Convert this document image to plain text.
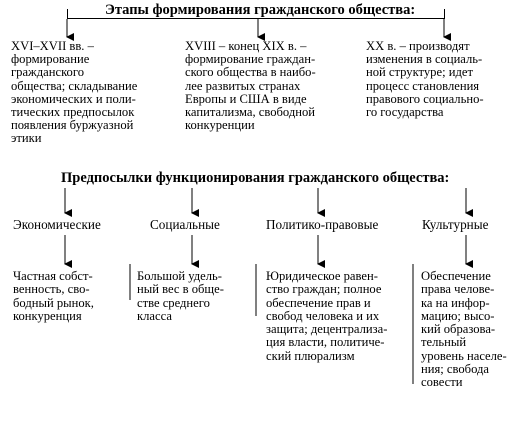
Этапы формирования гражданского общества:
XVI–XVII вв. – формирование гражданского
общества; складывание
экономических и поли-
тических предпосылок
появления буржуазной
этики
XVIII – конец XIX в. –
формирование граждан-
ского общества в наибо-
лее развитых странах
Европы и США в виде
капитализма, свободной
конкуренции
XX в. – производят
изменения в социаль-
ной структуре; идет
процесс становления
правового социально-
го государства
Предпосылки функционирования гражданского общества:
Экономические	Социальные	Политико-правовые	Культурные
Частная собст-
венность, сво-
бодный рынок,
конкуренция
Большой удель-
ный вес в обще-
стве среднего
класса
Юридическое равен-
ство граждан; полное
обеспечение прав и
свобод человека и их
защита; децентрализа-
ция власти, политиче-
ский плюрализм
Обеспечение
права челове-
ка на инфор-
мацию; высо-
кий образова-
тельный
уровень населе-
ния; свобода
совести
